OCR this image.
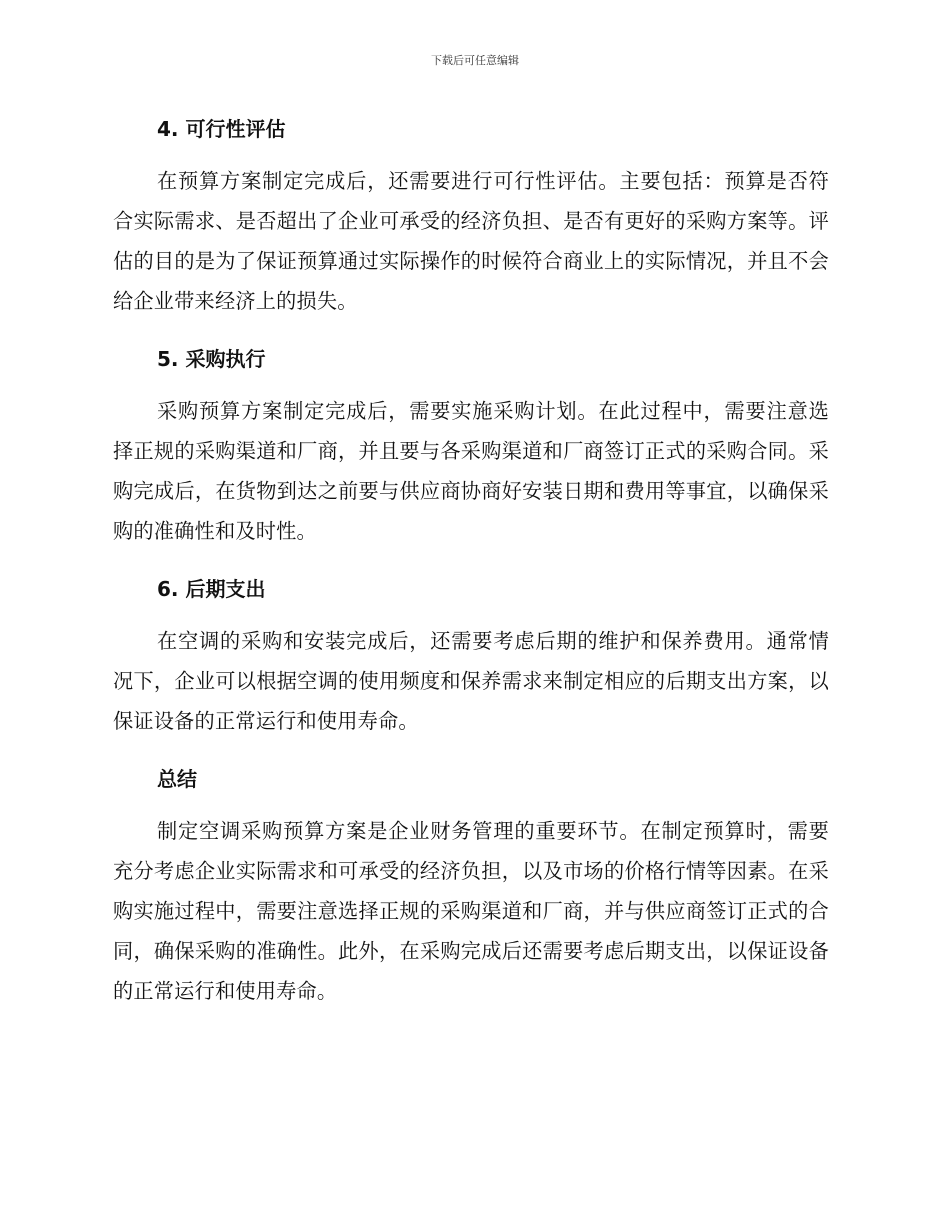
下载后可任意编辑
4. 可行性评估

在预算方案制定完成后，还需要进行可行性评估。主要包括：预算是否符合实际需求、是否超出了企业可承受的经济负担、是否有更好的采购方案等。评估的目的是为了保证预算通过实际操作的时候符合商业上的实际情况，并且不会给企业带来经济上的损失。

5. 采购执行

采购预算方案制定完成后，需要实施采购计划。在此过程中，需要注意选择正规的采购渠道和厂商，并且要与各采购渠道和厂商签订正式的采购合同。采购完成后，在货物到达之前要与供应商协商好安装日期和费用等事宜，以确保采购的准确性和及时性。

6. 后期支出

在空调的采购和安装完成后，还需要考虑后期的维护和保养费用。通常情况下，企业可以根据空调的使用频度和保养需求来制定相应的后期支出方案，以保证设备的正常运行和使用寿命。

总结

制定空调采购预算方案是企业财务管理的重要环节。在制定预算时，需要充分考虑企业实际需求和可承受的经济负担，以及市场的价格行情等因素。在采购实施过程中，需要注意选择正规的采购渠道和厂商，并与供应商签订正式的合同，确保采购的准确性。此外，在采购完成后还需要考虑后期支出，以保证设备的正常运行和使用寿命。
